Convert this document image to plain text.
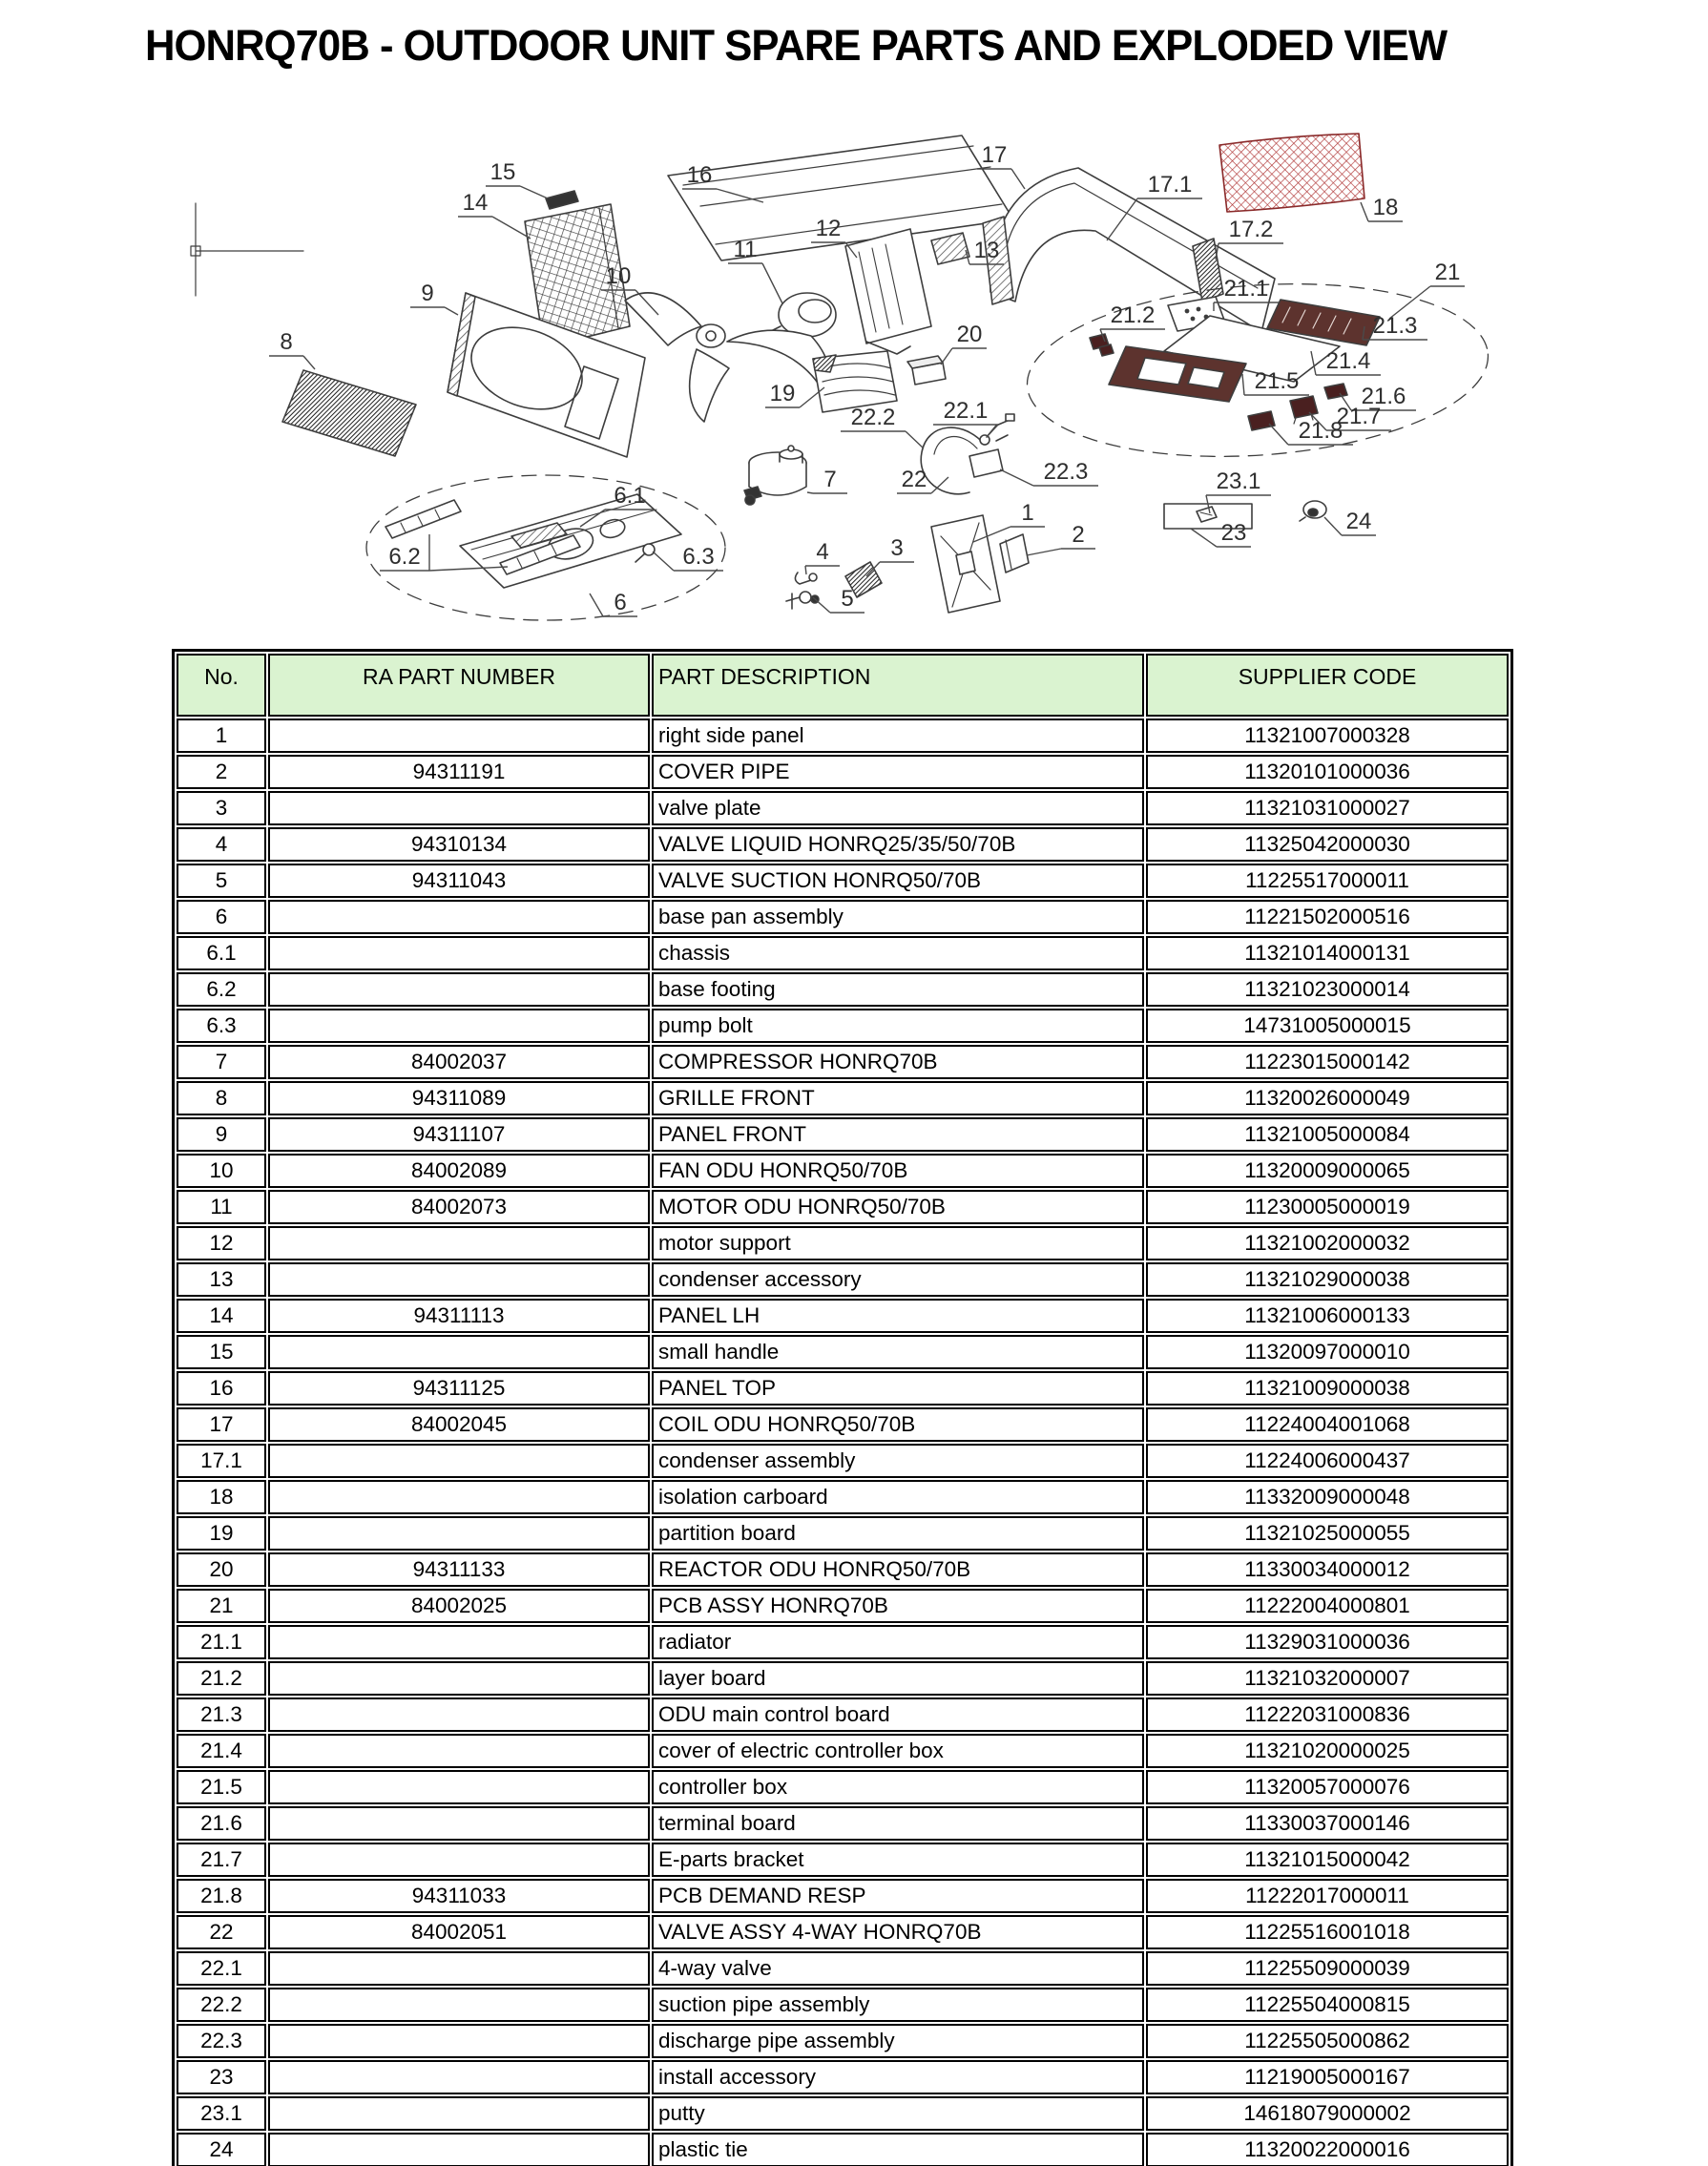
HONRQ70B - OUTDOOR UNIT SPARE PARTS AND EXPLODED VIEW
1
2
3
4
5
6
6.1
6.2	6.3
7
8
9
10
11
12
13
14
15	16
17
17.1
17.2
18
19
20
21
21.1
21.2	21.3
21.4
21.5
21.6
21.7
21.8
22
22.1
22.2
22.3
23
23.1
24
No.	RA PART NUMBER	PART DESCRIPTION	SUPPLIER CODE
1		right side panel	11321007000328
2	94311191	COVER PIPE	11320101000036
3		valve plate	11321031000027
4	94310134	VALVE LIQUID HONRQ25/35/50/70B	11325042000030
5	94311043	VALVE SUCTION HONRQ50/70B	11225517000011
6		base pan assembly	11221502000516
6.1		chassis	11321014000131
6.2		base footing	11321023000014
6.3		pump bolt	14731005000015
7	84002037	COMPRESSOR HONRQ70B	11223015000142
8	94311089	GRILLE FRONT	11320026000049
9	94311107	PANEL FRONT	11321005000084
10	84002089	FAN ODU HONRQ50/70B	11320009000065
11	84002073	MOTOR ODU HONRQ50/70B	11230005000019
12		motor support	11321002000032
13		condenser accessory	11321029000038
14	94311113	PANEL LH	11321006000133
15		small handle	11320097000010
16	94311125	PANEL TOP	11321009000038
17	84002045	COIL ODU HONRQ50/70B	11224004001068
17.1		condenser assembly	11224006000437
18		isolation carboard	11332009000048
19		partition board	11321025000055
20	94311133	REACTOR ODU HONRQ50/70B	11330034000012
21	84002025	PCB ASSY HONRQ70B	11222004000801
21.1		radiator	11329031000036
21.2		layer board	11321032000007
21.3		ODU main control board	11222031000836
21.4		cover of electric controller box	11321020000025
21.5		controller box	11320057000076
21.6		terminal board	11330037000146
21.7		E-parts bracket	11321015000042
21.8	94311033	PCB DEMAND RESP	11222017000011
22	84002051	VALVE ASSY 4-WAY HONRQ70B	11225516001018
22.1		4-way valve	11225509000039
22.2		suction pipe assembly	11225504000815
22.3		discharge pipe assembly	11225505000862
23		install accessory	11219005000167
23.1		putty	14618079000002
24		plastic tie	11320022000016
